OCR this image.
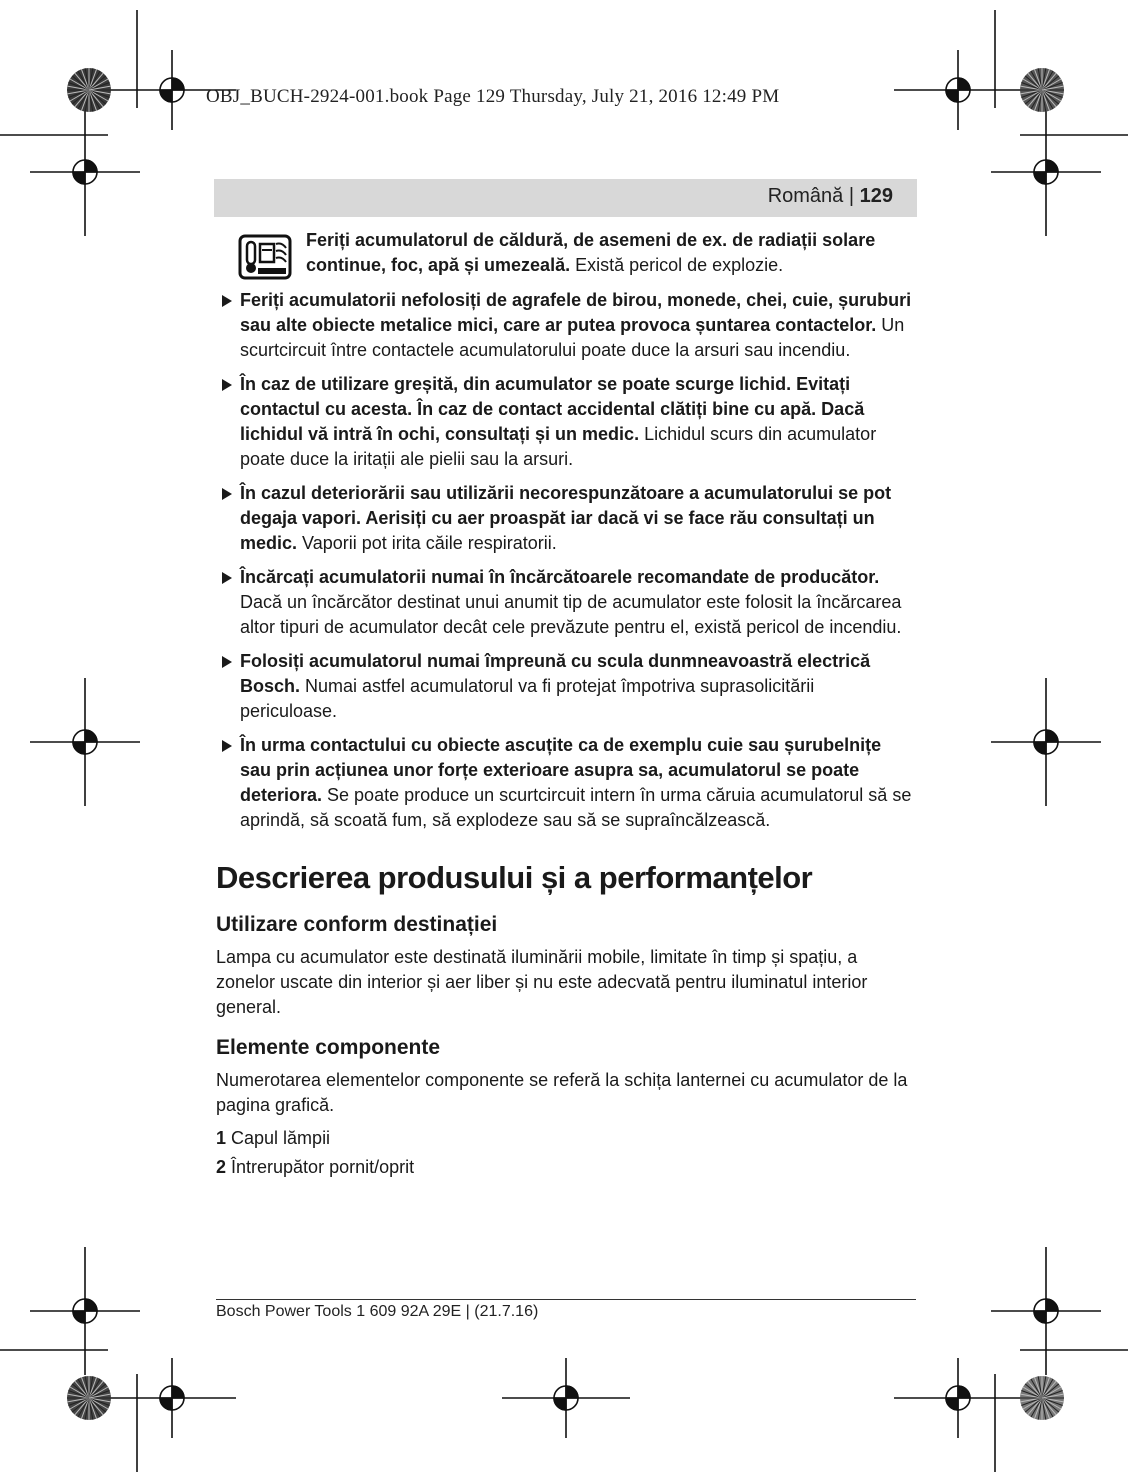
OBJ_BUCH-2924-001.book Page 129 Thursday, July 21, 2016 12:49 PM
Română | 129
Feriți acumulatorul de căldură, de asemeni de ex. de radiații solare continue, foc, apă și umezeală. Există pericol de explozie.
Feriți acumulatorii nefolosiți de agrafele de birou, monede, chei, cuie, șuruburi sau alte obiecte metalice mici, care ar putea provoca șuntarea contactelor. Un scurtcircuit între contactele acumulatorului poate duce la arsuri sau incendiu.
În caz de utilizare greșită, din acumulator se poate scurge lichid. Evitați contactul cu acesta. În caz de contact accidental clătiți bine cu apă. Dacă lichidul vă intră în ochi, consultați și un medic. Lichidul scurs din acumulator poate duce la iritații ale pielii sau la arsuri.
În cazul deteriorării sau utilizării necorespunzătoare a acumulatorului se pot degaja vapori. Aerisiți cu aer proaspăt iar dacă vi se face rău consultați un medic. Vaporii pot irita căile respiratorii.
Încărcați acumulatorii numai în încărcătoarele recomandate de producător. Dacă un încărcător destinat unui anumit tip de acumulator este folosit la încărcarea altor tipuri de acumulator decât cele prevăzute pentru el, există pericol de incendiu.
Folosiți acumulatorul numai împreună cu scula dunmneavoastră electrică Bosch. Numai astfel acumulatorul va fi protejat împotriva suprasolicitării periculoase.
În urma contactului cu obiecte ascuțite ca de exemplu cuie sau șurubelnițe sau prin acțiunea unor forțe exterioare asupra sa, acumulatorul se poate deteriora. Se poate produce un scurtcircuit intern în urma căruia acumulatorul să se aprindă, să scoată fum, să explodeze sau să se supraîncălzească.
Descrierea produsului și a performanțelor
Utilizare conform destinației
Lampa cu acumulator este destinată iluminării mobile, limitate în timp și spațiu, a zonelor uscate din interior și aer liber și nu este adecvată pentru iluminatul interior general.
Elemente componente
Numerotarea elementelor componente se referă la schița lanternei cu acumulator de la pagina grafică.
1 Capul lămpii
2 Întrerupător pornit/oprit
Bosch Power Tools 1 609 92A 29E | (21.7.16)
